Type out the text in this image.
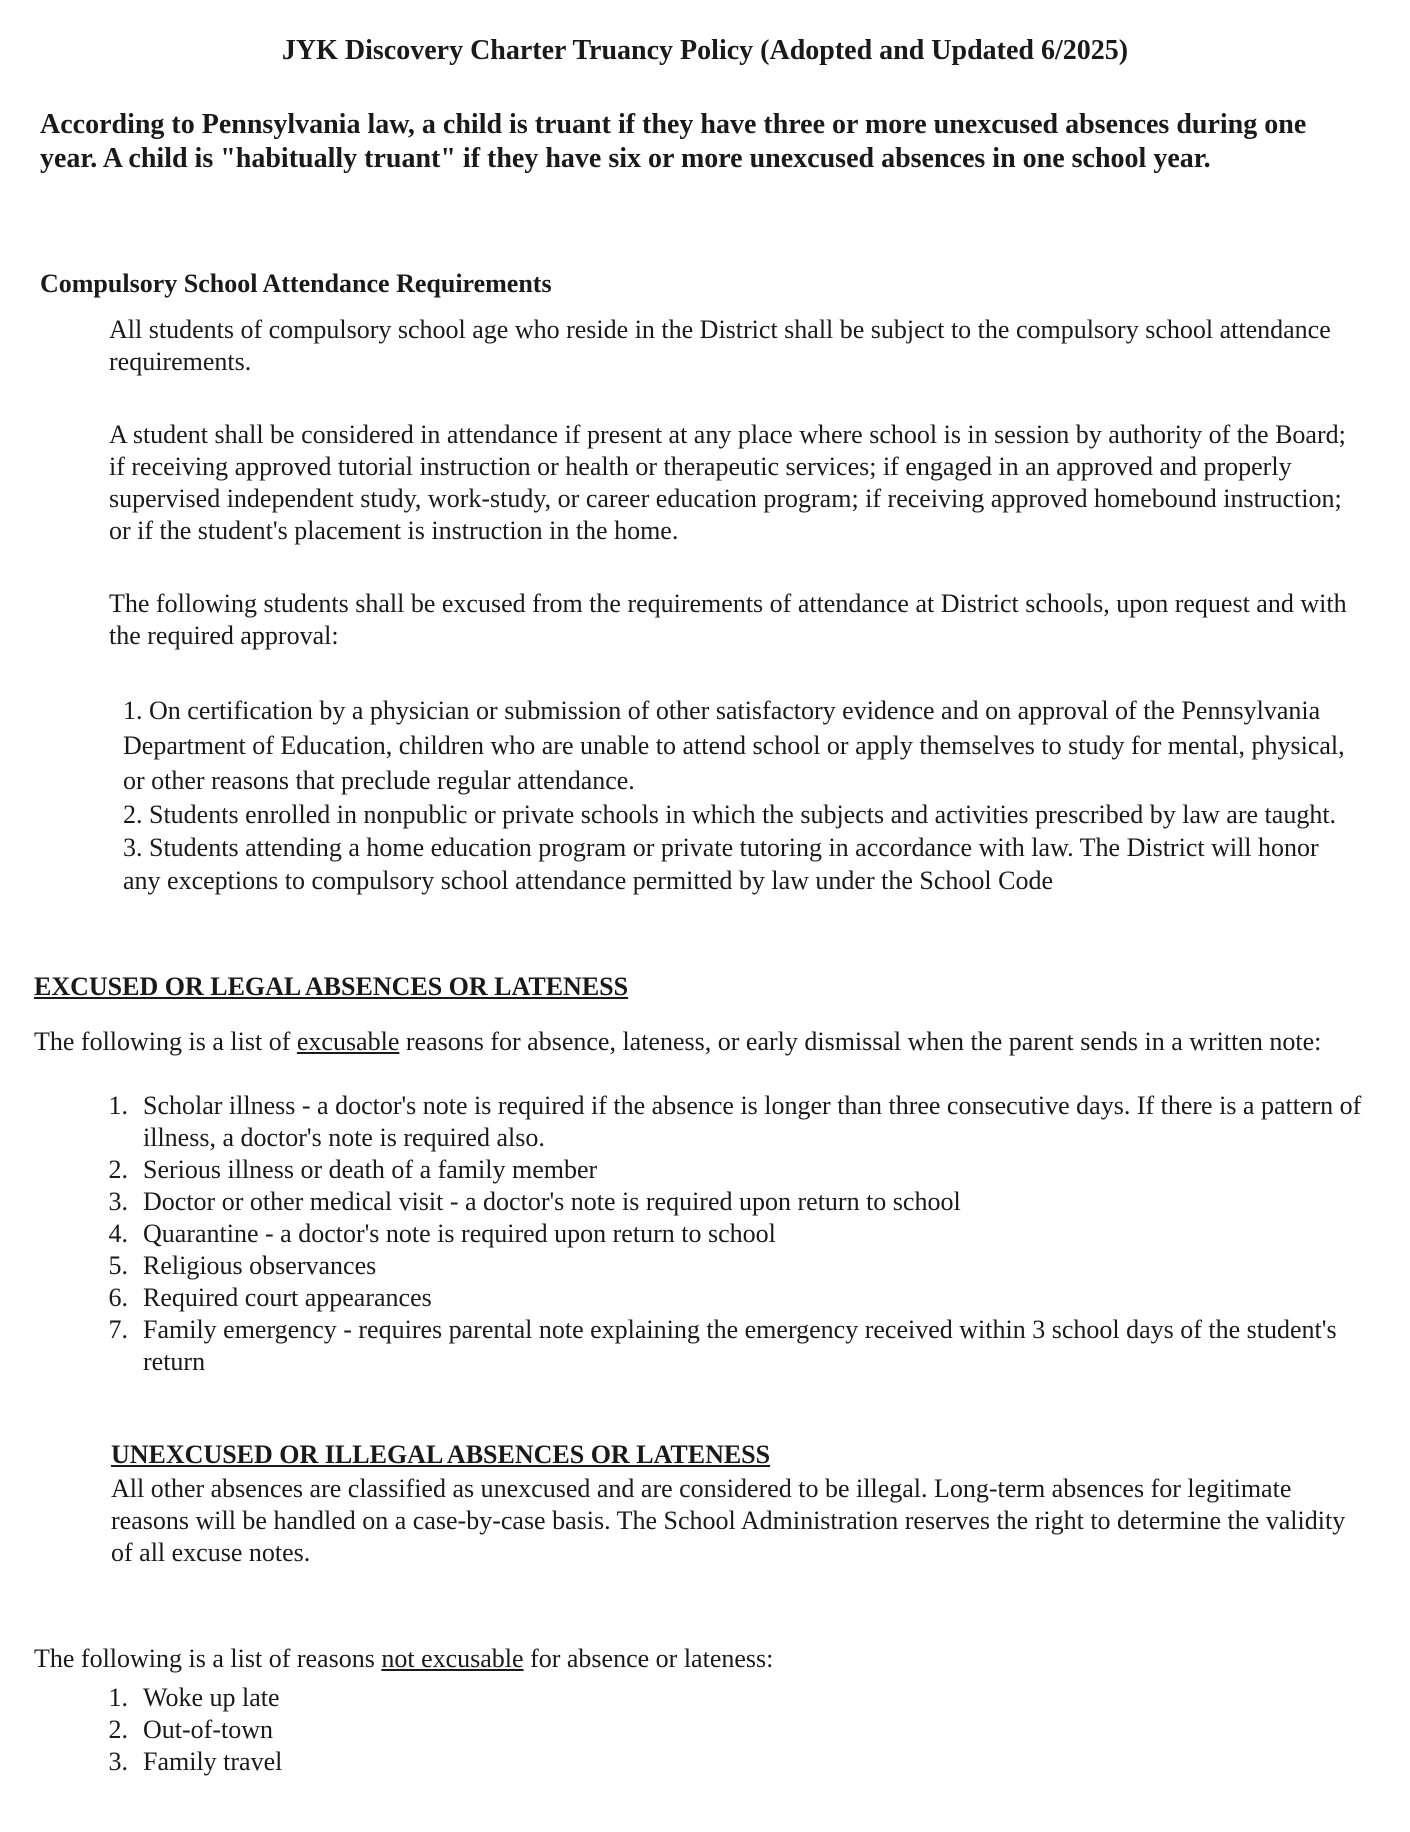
JYK Discovery Charter Truancy Policy (Adopted and Updated 6/2025)

According to Pennsylvania law, a child is truant if they have three or more unexcused absences during one year. A child is "habitually truant" if they have six or more unexcused absences in one school year.

Compulsory School Attendance Requirements

All students of compulsory school age who reside in the District shall be subject to the compulsory school attendance requirements.

A student shall be considered in attendance if present at any place where school is in session by authority of the Board; if receiving approved tutorial instruction or health or therapeutic services; if engaged in an approved and properly supervised independent study, work-study, or career education program; if receiving approved homebound instruction; or if the student's placement is instruction in the home.

The following students shall be excused from the requirements of attendance at District schools, upon request and with the required approval:

1. On certification by a physician or submission of other satisfactory evidence and on approval of the Pennsylvania Department of Education, children who are unable to attend school or apply themselves to study for mental, physical, or other reasons that preclude regular attendance.
2. Students enrolled in nonpublic or private schools in which the subjects and activities prescribed by law are taught.
3. Students attending a home education program or private tutoring in accordance with law. The District will honor any exceptions to compulsory school attendance permitted by law under the School Code
EXCUSED OR LEGAL ABSENCES OR LATENESS

The following is a list of excusable reasons for absence, lateness, or early dismissal when the parent sends in a written note:

1. Scholar illness - a doctor's note is required if the absence is longer than three consecutive days. If there is a pattern of illness, a doctor's note is required also.
2. Serious illness or death of a family member
3. Doctor or other medical visit - a doctor's note is required upon return to school
4. Quarantine - a doctor's note is required upon return to school
5. Religious observances
6. Required court appearances
7. Family emergency - requires parental note explaining the emergency received within 3 school days of the student's return
UNEXCUSED OR ILLEGAL ABSENCES OR LATENESS

All other absences are classified as unexcused and are considered to be illegal. Long-term absences for legitimate reasons will be handled on a case-by-case basis. The School Administration reserves the right to determine the validity of all excuse notes.

The following is a list of reasons not excusable for absence or lateness:

1. Woke up late
2. Out-of-town
3. Family travel
